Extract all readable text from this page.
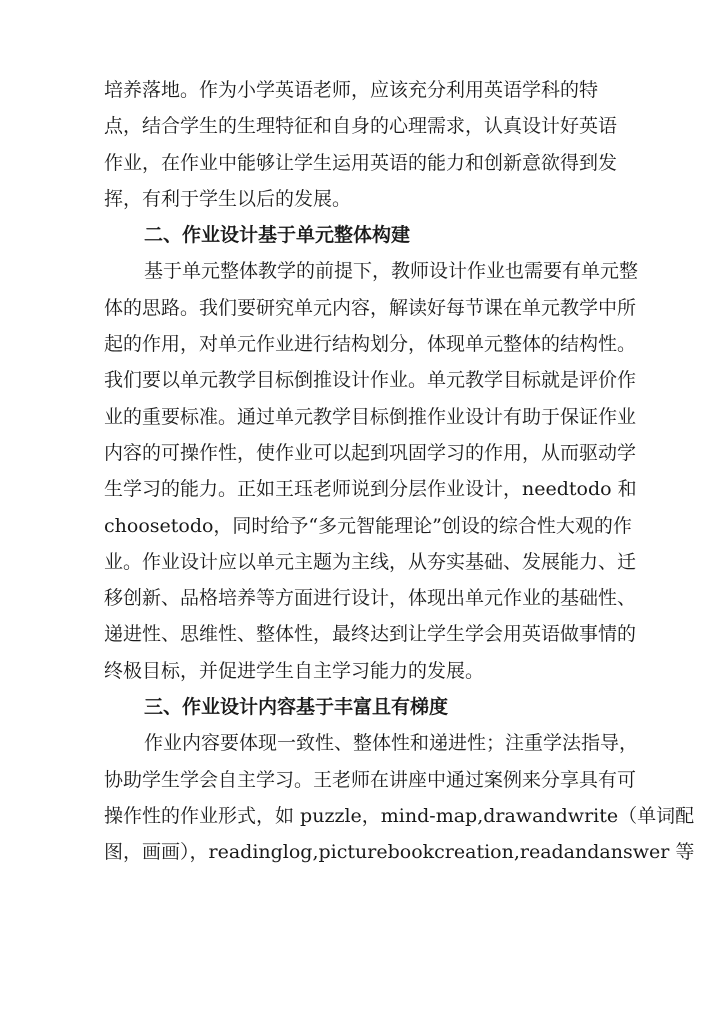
培养落地。作为小学英语老师，应该充分利用英语学科的特
点，结合学生的生理特征和自身的心理需求，认真设计好英语
作业，在作业中能够让学生运用英语的能力和创新意欲得到发
挥，有利于学生以后的发展。
二、作业设计基于单元整体构建
基于单元整体教学的前提下，教师设计作业也需要有单元整
体的思路。我们要研究单元内容，解读好每节课在单元教学中所
起的作用，对单元作业进行结构划分，体现单元整体的结构性。
我们要以单元教学目标倒推设计作业。单元教学目标就是评价作
业的重要标准。通过单元教学目标倒推作业设计有助于保证作业
内容的可操作性，使作业可以起到巩固学习的作用，从而驱动学
生学习的能力。正如王珏老师说到分层作业设计，needtodo 和
choosetodo，同时给予“多元智能理论”创设的综合性大观的作
业。作业设计应以单元主题为主线，从夯实基础、发展能力、迁
移创新、品格培养等方面进行设计，体现出单元作业的基础性、
递进性、思维性、整体性，最终达到让学生学会用英语做事情的
终极目标，并促进学生自主学习能力的发展。
三、作业设计内容基于丰富且有梯度
作业内容要体现一致性、整体性和递进性；注重学法指导，
协助学生学会自主学习。王老师在讲座中通过案例来分享具有可
操作性的作业形式，如 puzzle，mind-map,drawandwrite（单词配
图，画画），readinglog,picturebookcreation,readandanswer 等
